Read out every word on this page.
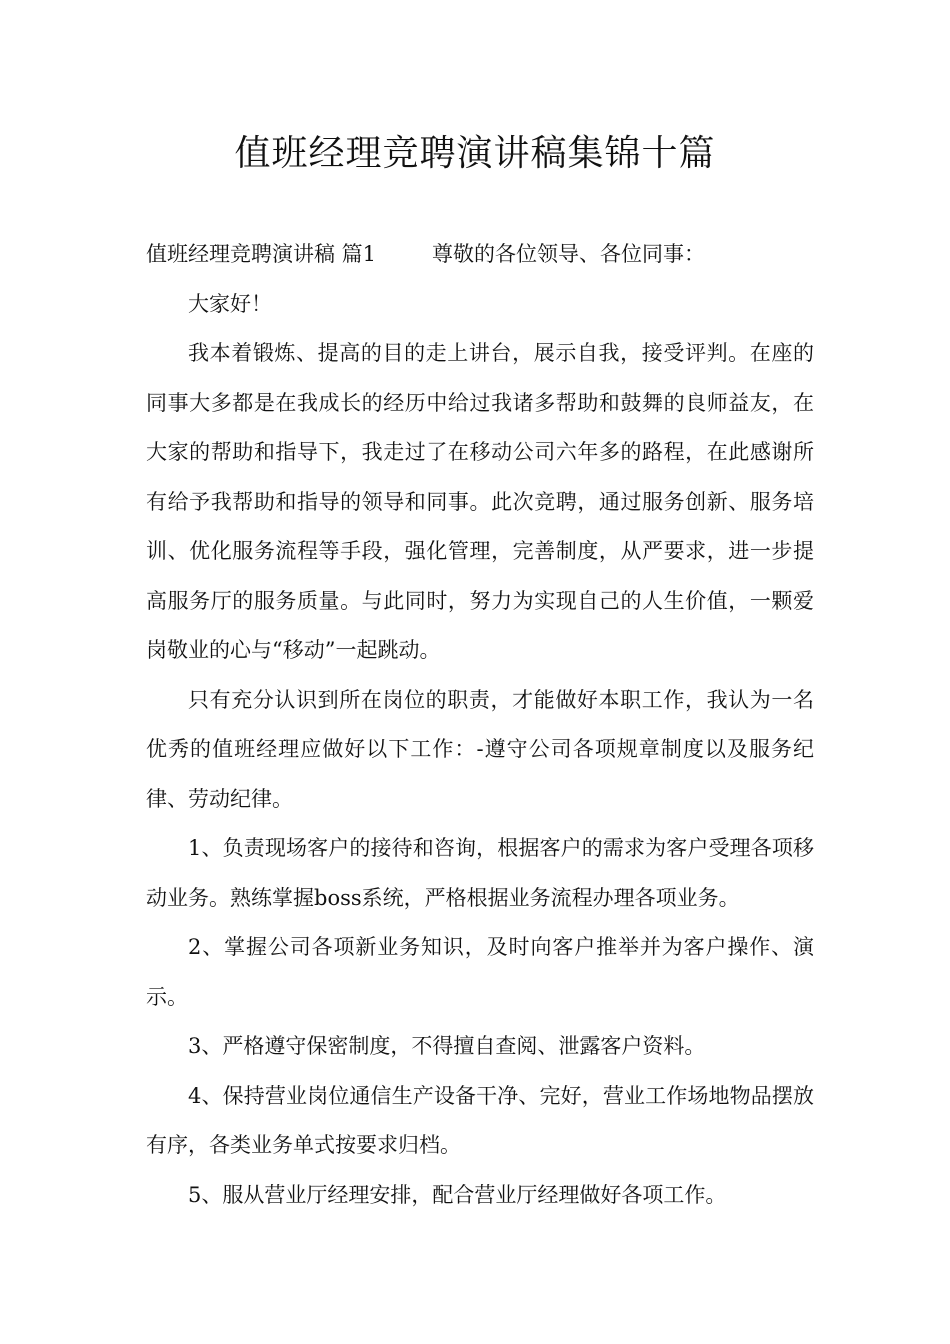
值班经理竞聘演讲稿集锦十篇

值班经理竞聘演讲稿 篇1	尊敬的各位领导、各位同事：

大家好！

我本着锻炼、提高的目的走上讲台，展示自我，接受评判。在座的同事大多都是在我成长的经历中给过我诸多帮助和鼓舞的良师益友，在大家的帮助和指导下，我走过了在移动公司六年多的路程，在此感谢所有给予我帮助和指导的领导和同事。此次竞聘，通过服务创新、服务培训、优化服务流程等手段，强化管理，完善制度，从严要求，进一步提高服务厅的服务质量。与此同时，努力为实现自己的人生价值，一颗爱岗敬业的心与“移动”一起跳动。

只有充分认识到所在岗位的职责，才能做好本职工作，我认为一名优秀的值班经理应做好以下工作：-遵守公司各项规章制度以及服务纪律、劳动纪律。

1、负责现场客户的接待和咨询，根据客户的需求为客户受理各项移动业务。熟练掌握boss系统，严格根据业务流程办理各项业务。

2、掌握公司各项新业务知识，及时向客户推举并为客户操作、演示。

3、严格遵守保密制度，不得擅自查阅、泄露客户资料。

4、保持营业岗位通信生产设备干净、完好，营业工作场地物品摆放有序，各类业务单式按要求归档。

5、服从营业厅经理安排，配合营业厅经理做好各项工作。
